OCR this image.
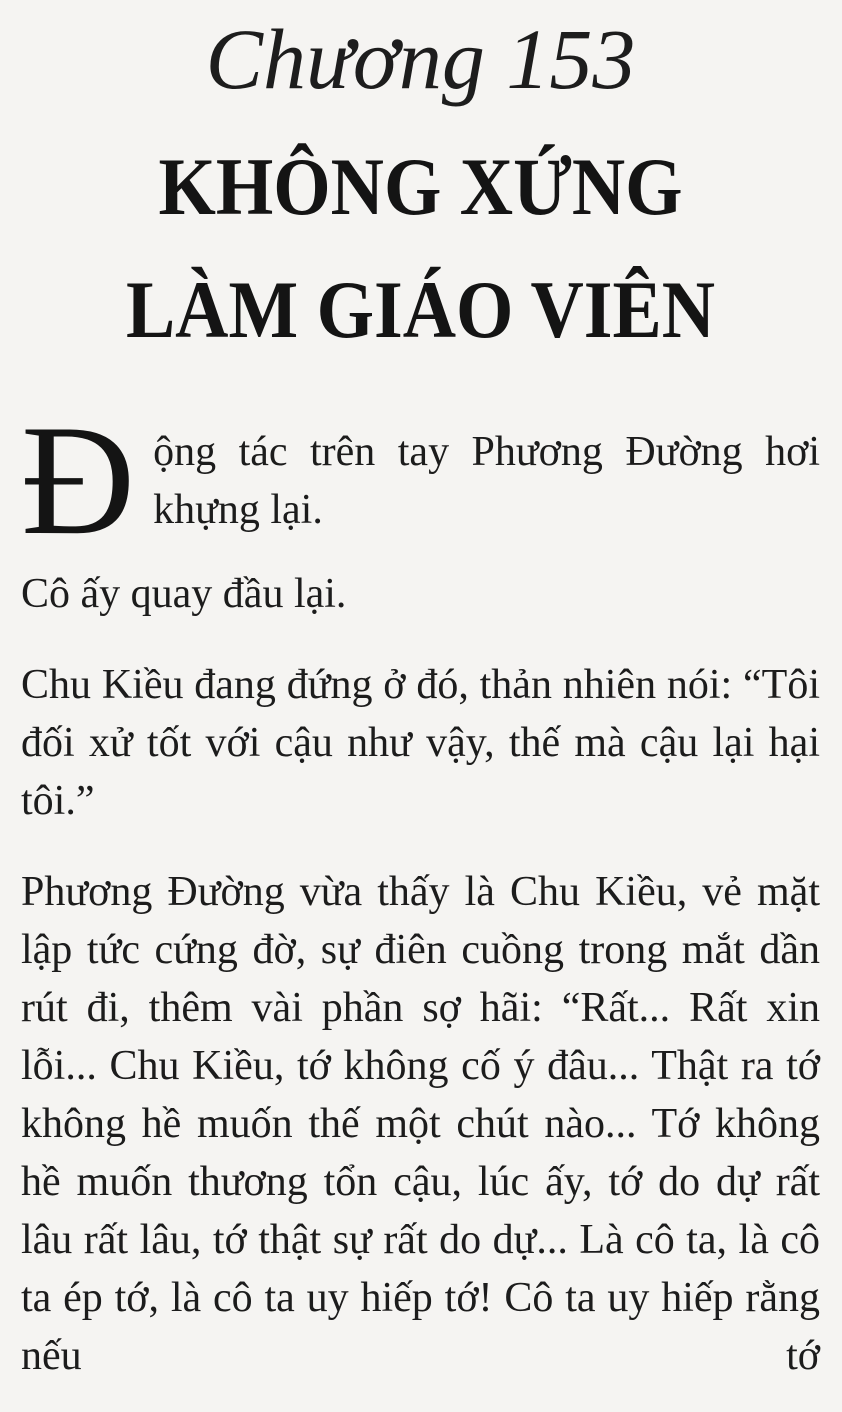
Chương 153
KHÔNG XỨNG
LÀM GIÁO VIÊN

Động tác trên tay Phương Đường hơi khựng lại.

Cô ấy quay đầu lại.

Chu Kiều đang đứng ở đó, thản nhiên nói: “Tôi đối xử tốt với cậu như vậy, thế mà cậu lại hại tôi.”

Phương Đường vừa thấy là Chu Kiều, vẻ mặt lập tức cứng đờ, sự điên cuồng trong mắt dần rút đi, thêm vài phần sợ hãi: “Rất... Rất xin lỗi... Chu Kiều, tớ không cố ý đâu... Thật ra tớ không hề muốn thế một chút nào... Tớ không hề muốn thương tổn cậu, lúc ấy, tớ do dự rất lâu rất lâu, tớ thật sự rất do dự... Là cô ta, là cô ta ép tớ, là cô ta uy hiếp tớ! Cô ta uy hiếp rằng nếu tớ
